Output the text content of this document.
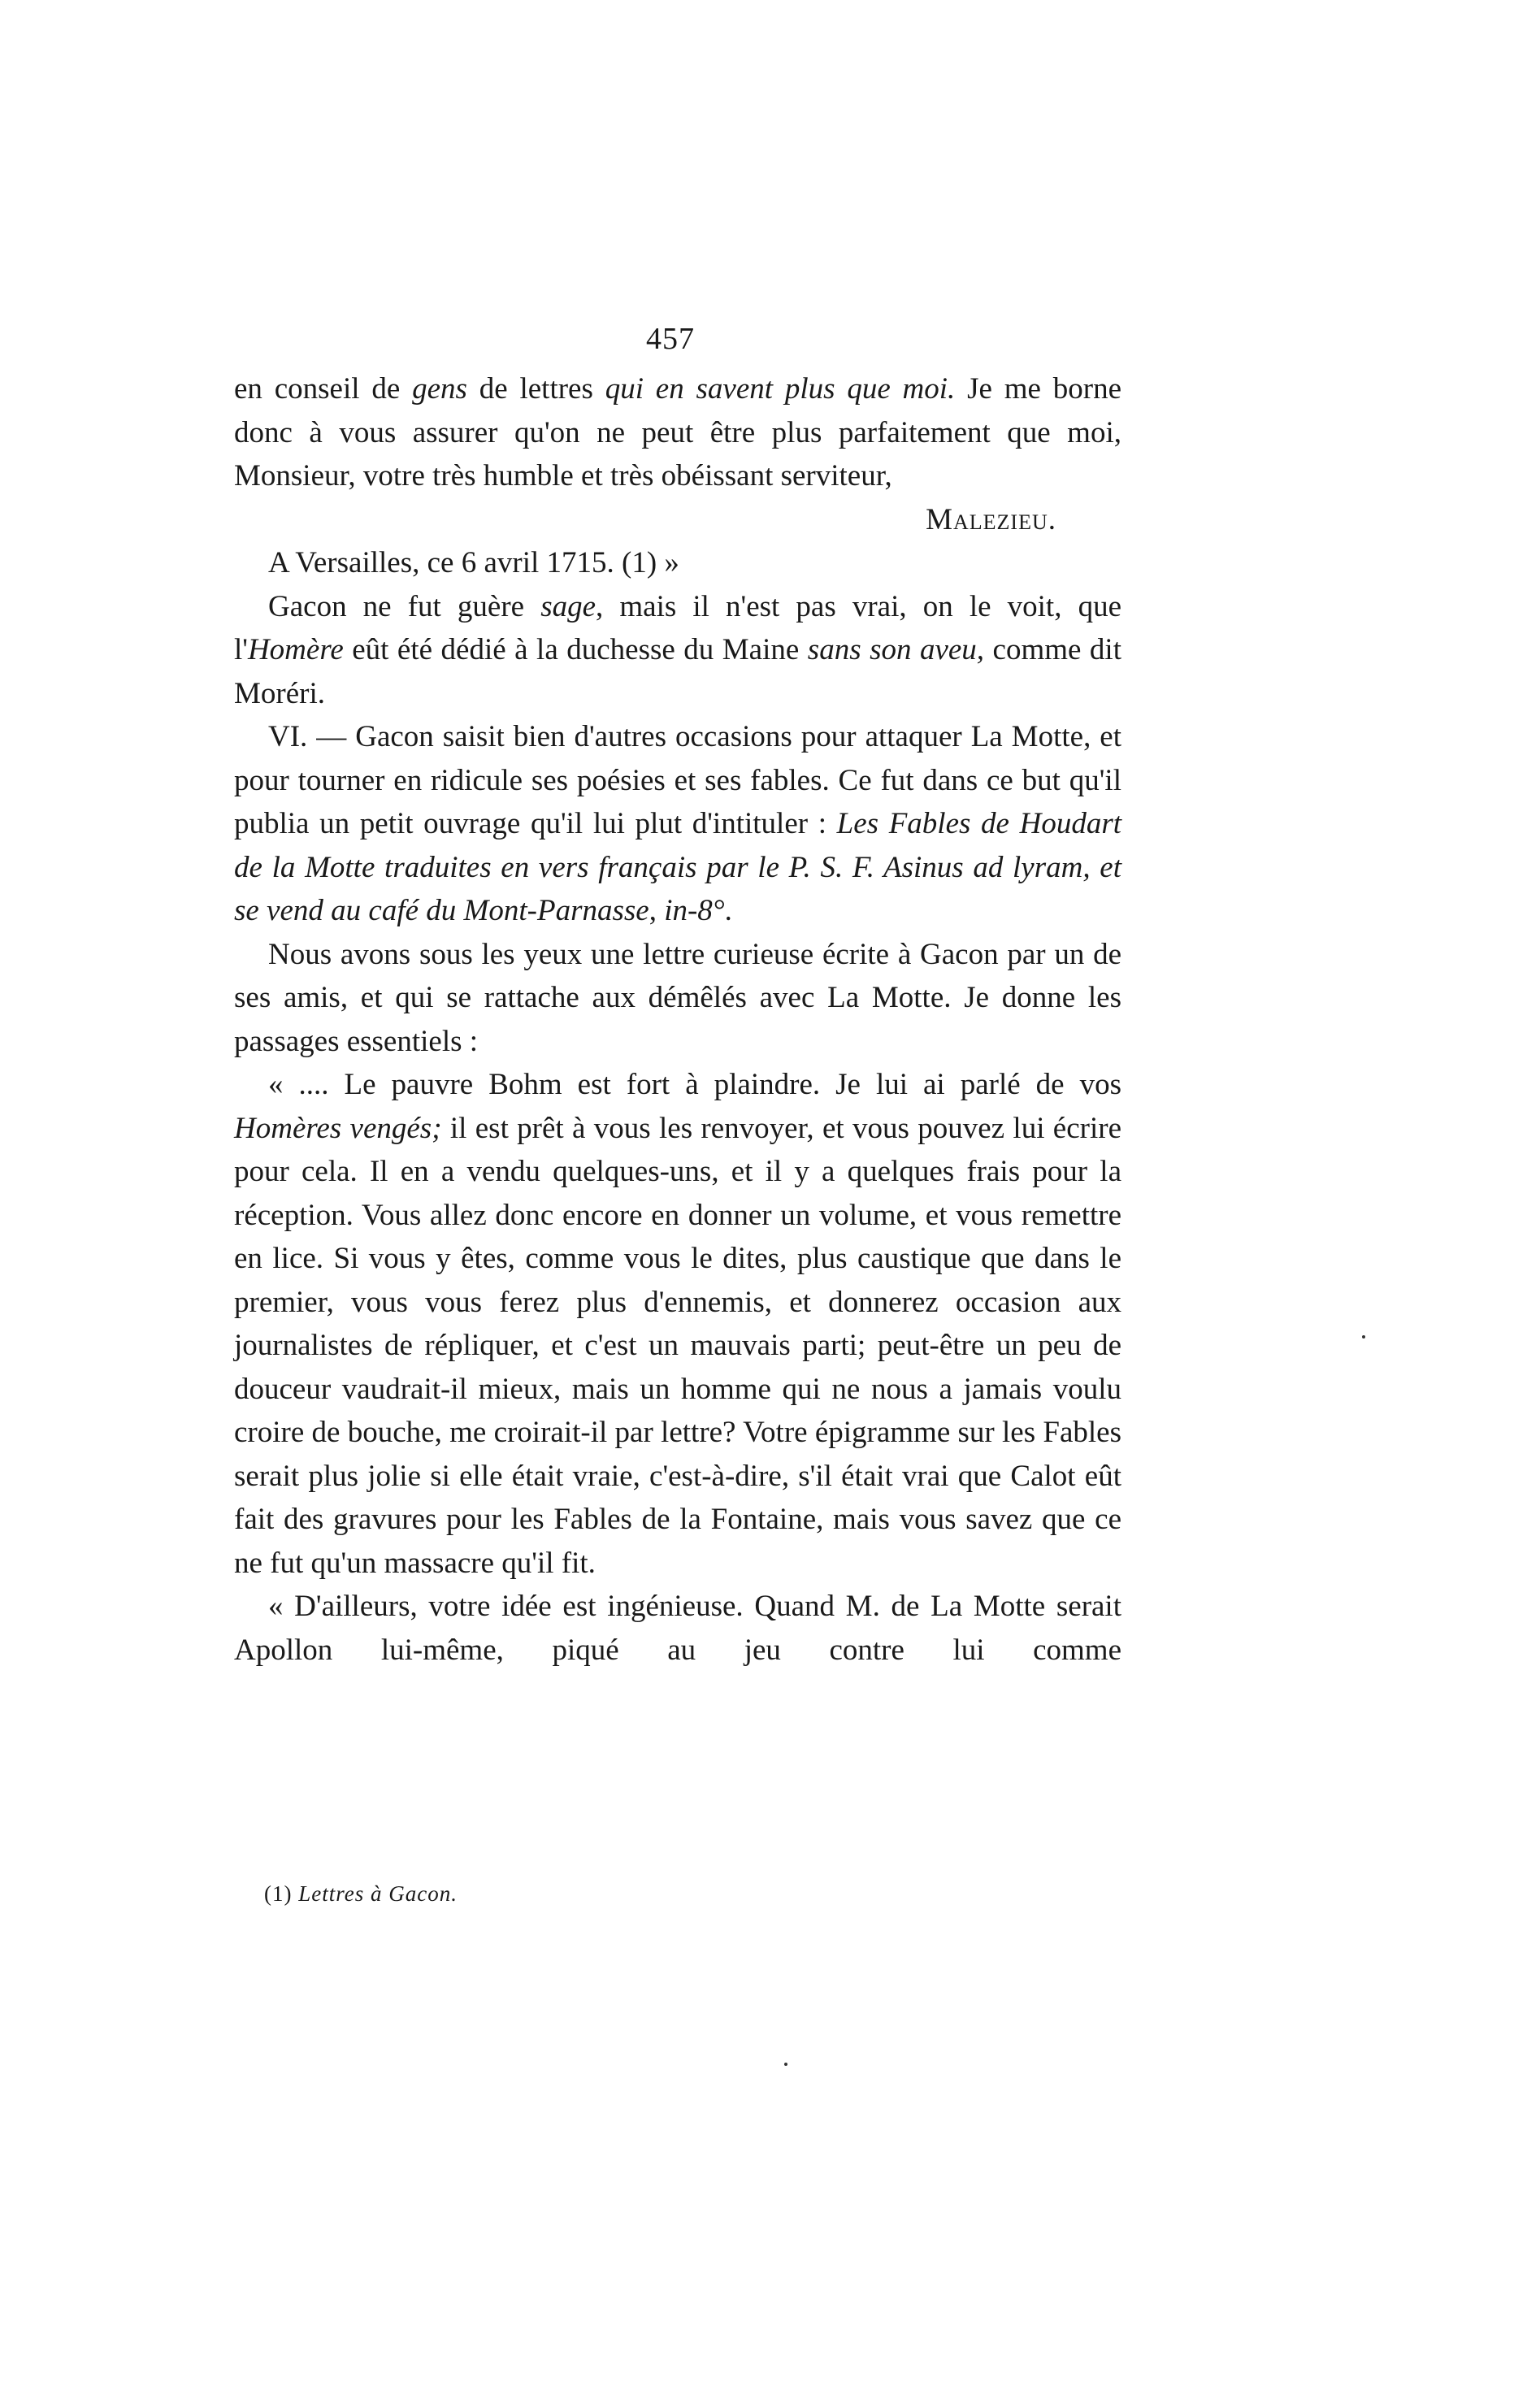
457

en conseil de gens de lettres qui en savent plus que moi. Je me borne donc à vous assurer qu'on ne peut être plus parfaitement que moi, Monsieur, votre très humble et très obéissant serviteur,

Malezieu.

A Versailles, ce 6 avril 1715. (1) »

Gacon ne fut guère sage, mais il n'est pas vrai, on le voit, que l'Homère eût été dédié à la duchesse du Maine sans son aveu, comme dit Moréri.

VI. — Gacon saisit bien d'autres occasions pour attaquer La Motte, et pour tourner en ridicule ses poésies et ses fables. Ce fut dans ce but qu'il publia un petit ouvrage qu'il lui plut d'intituler : Les Fables de Houdart de la Motte traduites en vers français par le P. S. F. Asinus ad lyram, et se vend au café du Mont-Parnasse, in-8°.

Nous avons sous les yeux une lettre curieuse écrite à Gacon par un de ses amis, et qui se rattache aux démêlés avec La Motte. Je donne les passages essentiels :

« .... Le pauvre Bohm est fort à plaindre. Je lui ai parlé de vos Homères vengés; il est prêt à vous les renvoyer, et vous pouvez lui écrire pour cela. Il en a vendu quelques-uns, et il y a quelques frais pour la réception. Vous allez donc encore en donner un volume, et vous remettre en lice. Si vous y êtes, comme vous le dites, plus caustique que dans le premier, vous vous ferez plus d'ennemis, et donnerez occasion aux journalistes de répliquer, et c'est un mauvais parti; peut-être un peu de douceur vaudrait-il mieux, mais un homme qui ne nous a jamais voulu croire de bouche, me croirait-il par lettre? Votre épigramme sur les Fables serait plus jolie si elle était vraie, c'est-à-dire, s'il était vrai que Calot eût fait des gravures pour les Fables de la Fontaine, mais vous savez que ce ne fut qu'un massacre qu'il fit.

« D'ailleurs, votre idée est ingénieuse. Quand M. de La Motte serait Apollon lui-même, piqué au jeu contre lui comme

(1) Lettres à Gacon.
